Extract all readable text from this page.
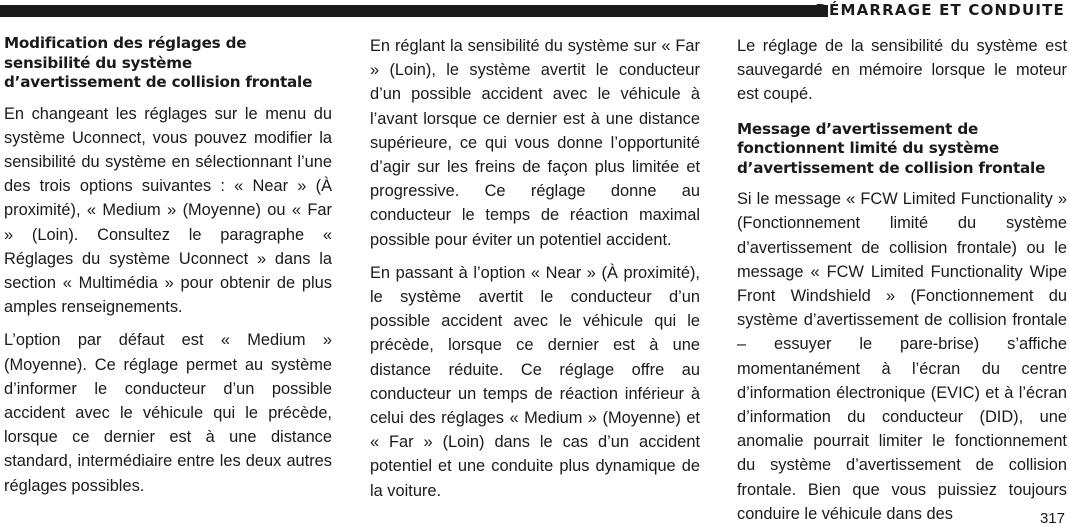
DÉMARRAGE ET CONDUITE
Modification des réglages de sensibilité du système d’avertissement de collision frontale

En changeant les réglages sur le menu du système Uconnect, vous pouvez modifier la sensibilité du système en sélectionnant l’une des trois options suivantes : « Near » (À proximité), « Medium » (Moyenne) ou « Far » (Loin). Consultez le paragraphe « Réglages du système Uconnect » dans la section « Multimédia » pour obtenir de plus amples renseignements.

L’option par défaut est « Medium » (Moyenne). Ce réglage permet au système d’informer le conducteur d’un possible accident avec le véhicule qui le précède, lorsque ce dernier est à une distance standard, intermédiaire entre les deux autres réglages possibles.

En réglant la sensibilité du système sur « Far » (Loin), le système avertit le conducteur d’un possible accident avec le véhicule à l’avant lorsque ce dernier est à une distance supérieure, ce qui vous donne l’opportunité d’agir sur les freins de façon plus limitée et progressive. Ce réglage donne au conducteur le temps de réaction maximal possible pour éviter un potentiel accident.

En passant à l’option « Near » (À proximité), le système avertit le conducteur d’un possible accident avec le véhicule qui le précède, lorsque ce dernier est à une distance réduite. Ce réglage offre au conducteur un temps de réaction inférieur à celui des réglages « Medium » (Moyenne) et « Far » (Loin) dans le cas d’un accident potentiel et une conduite plus dynamique de la voiture.

Le réglage de la sensibilité du système est sauvegardé en mémoire lorsque le moteur est coupé.

Message d’avertissement de fonctionnent limité du système d’avertissement de collision frontale

Si le message « FCW Limited Functionality » (Fonctionnement limité du système d’avertissement de collision frontale) ou le message « FCW Limited Functionality Wipe Front Windshield » (Fonctionnement du système d’avertissement de collision frontale – essuyer le pare-brise) s’affiche momentanément à l’écran du centre d’information électronique (EVIC) et à l’écran d’information du conducteur (DID), une anomalie pourrait limiter le fonctionnement du système d’avertissement de collision frontale. Bien que vous puissiez toujours conduire le véhicule dans des	317
